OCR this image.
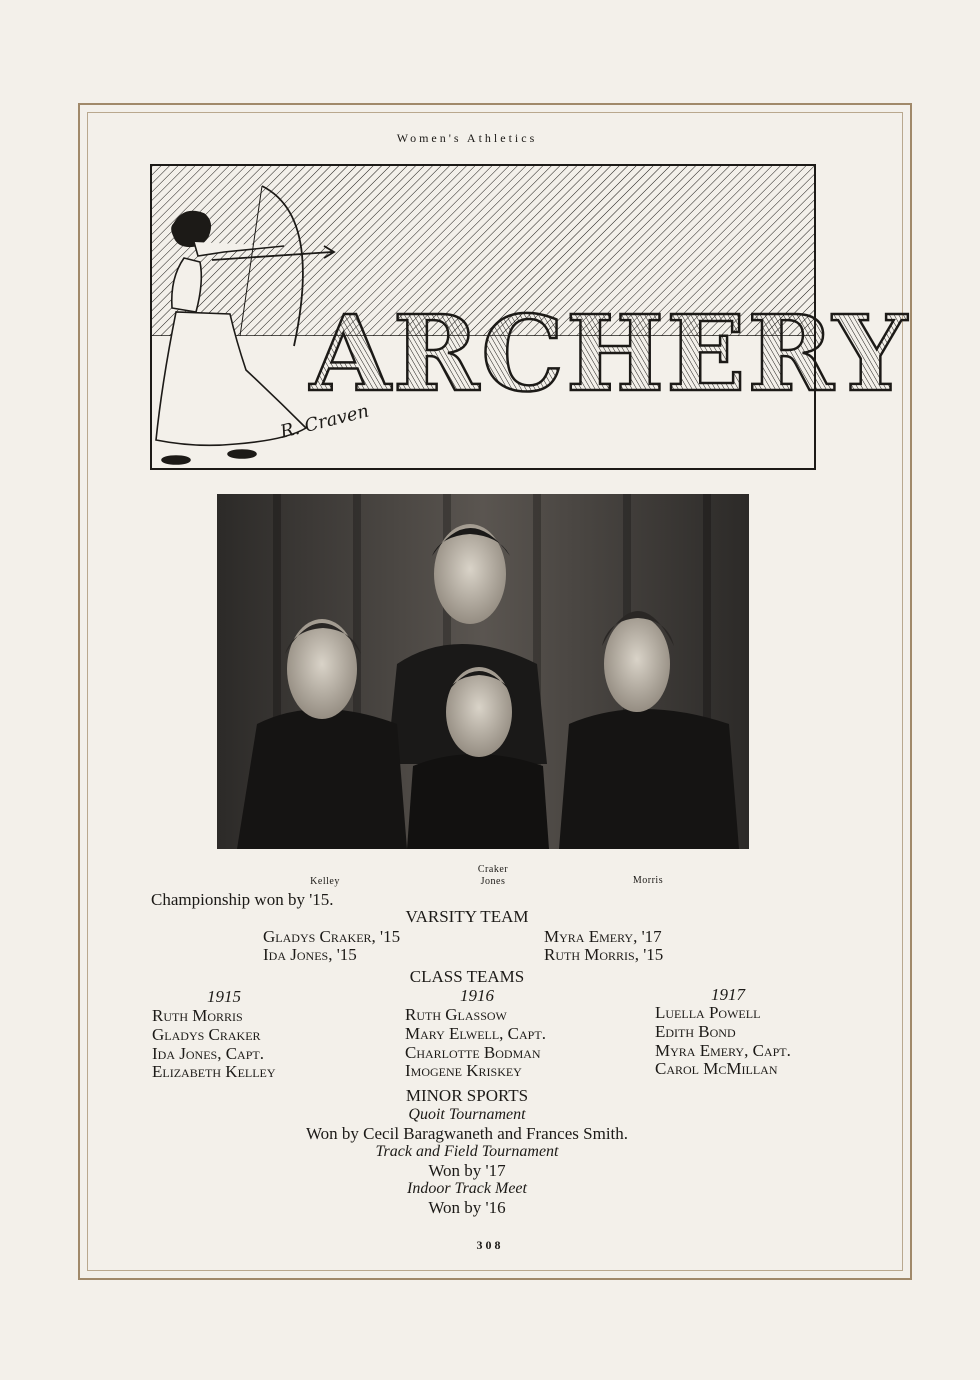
Women's Athletics
ARCHERY
R. Craven
Kelley
Craker
Jones	Morris
Championship won by '15.
VARSITY TEAM
Gladys Craker, '15	Myra Emery, '17
Ida Jones, '15	Ruth Morris, '15
CLASS TEAMS
1915
Ruth Morris
Gladys Craker
Ida Jones, Capt.
Elizabeth Kelley
1916
Ruth Glassow
Mary Elwell, Capt.
Charlotte Bodman
Imogene Kriskey
1917
Luella Powell
Edith Bond
Myra Emery, Capt.
Carol McMillan
MINOR SPORTS
Quoit Tournament
Won by Cecil Baragwaneth and Frances Smith.
Track and Field Tournament
Won by '17
Indoor Track Meet
Won by '16
308
